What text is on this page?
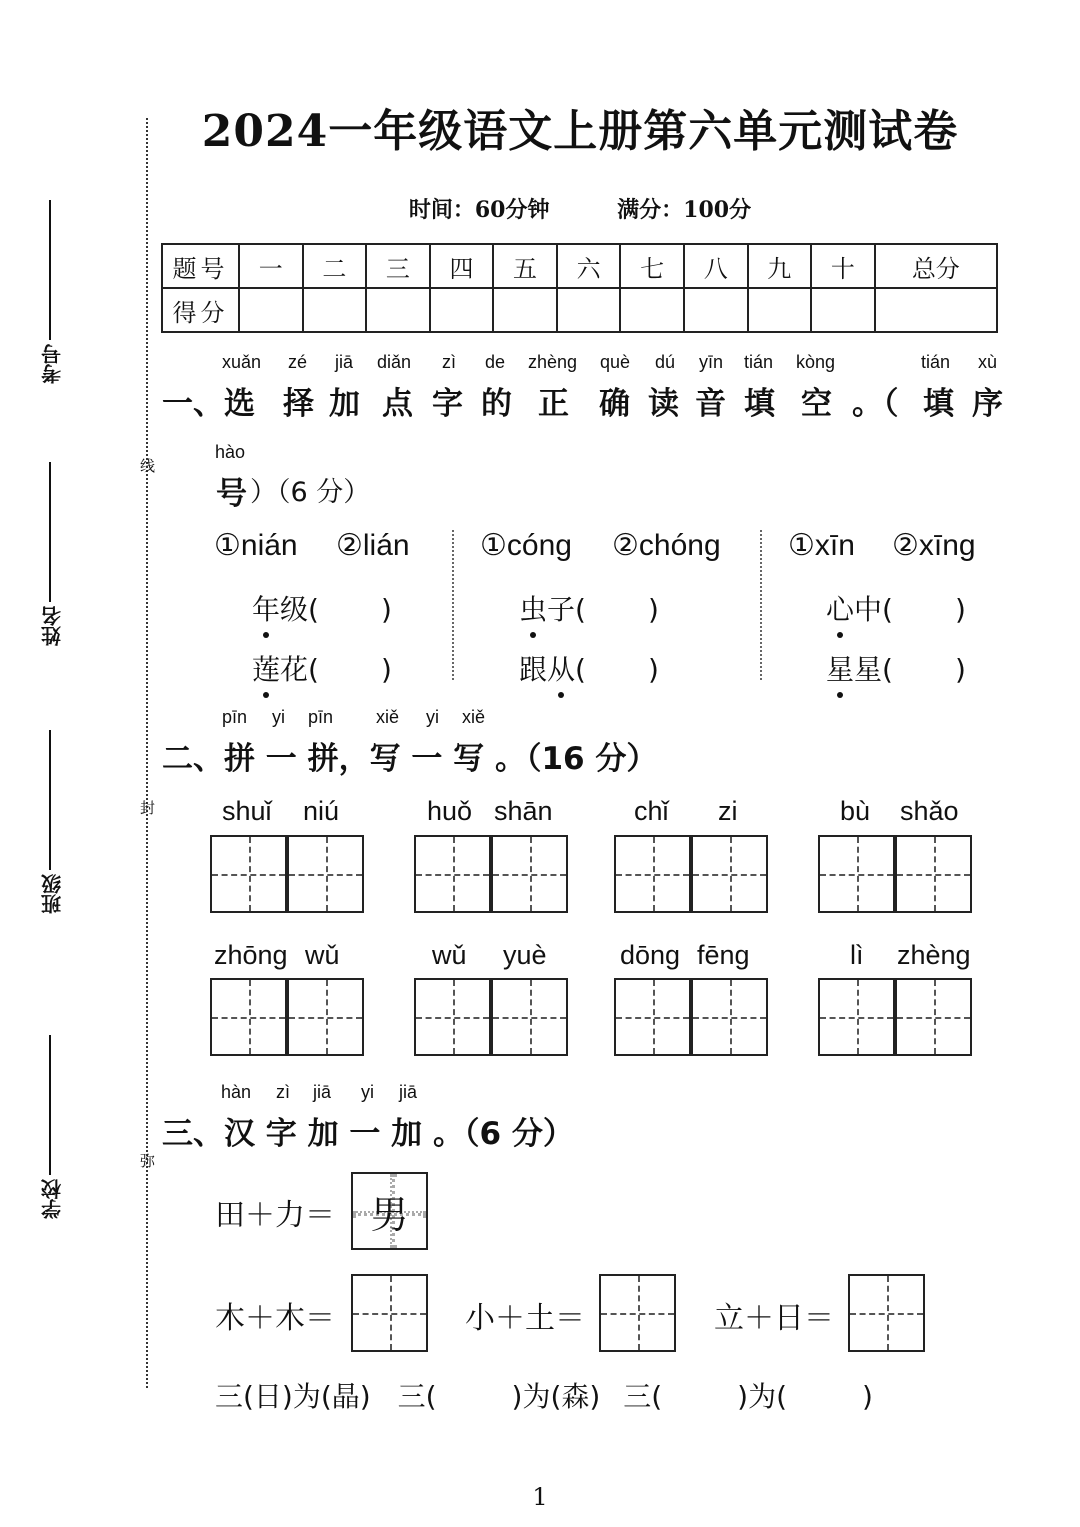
线
封
弥
学校
班级
姓名
考号
2024一年级语文上册第六单元测试卷
时间：60分钟	满分：100分
题号	一	二	三	四	五	六	七	八	九	十	总分
得分											
xuǎn zé jiā diǎn zì de zhèng què dú yīn tián kòng	tián xù
hào
一、选 择 加 点 字 的 正 确 读 音 填 空 。（ 填 序
号 ）（6 分）
①nián ②lián
年级( )
莲花( )
①cóng ②chóng
虫子( )
跟从( )
①xīn ②xīng
心中( )
星星( )
pīn yi pīn xiě yi xiě
二、拼 一 拼，写 一 写 。（16 分）
shuǐ niú	huǒ shān	chǐ zi	bù shǎo
zhōng wǔ	wǔ yuè	dōng fēng	lì zhèng
hàn zì jiā yi jiā
三、汉 字 加 一 加 。（6 分）
田＋力＝ 男
木＋木＝	小＋土＝	立＋日＝
三(日)为(晶) 三(	)为(森) 三(	)为(	)
1
